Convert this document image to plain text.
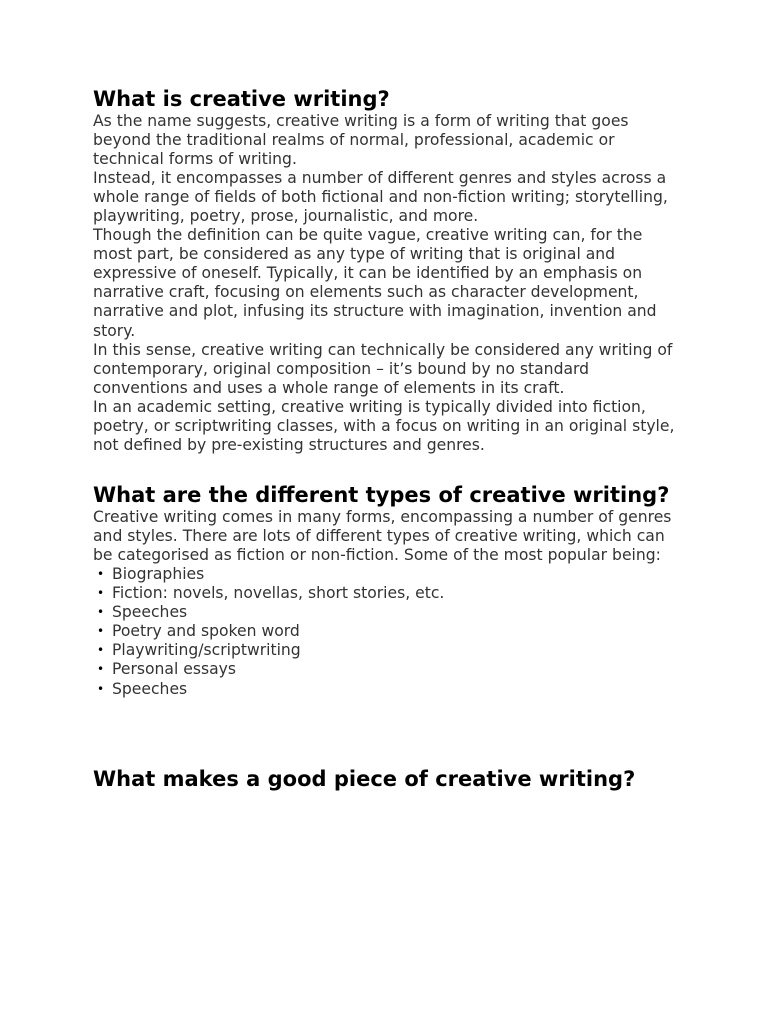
What is creative writing?

As the name suggests, creative writing is a form of writing that goes beyond the traditional realms of normal, professional, academic or technical forms of writing.

Instead, it encompasses a number of different genres and styles across a whole range of fields of both fictional and non-fiction writing; storytelling, playwriting, poetry, prose, journalistic, and more.

Though the definition can be quite vague, creative writing can, for the most part, be considered as any type of writing that is original and expressive of oneself. Typically, it can be identified by an emphasis on narrative craft, focusing on elements such as character development, narrative and plot, infusing its structure with imagination, invention and story.

In this sense, creative writing can technically be considered any writing of contemporary, original composition – it’s bound by no standard conventions and uses a whole range of elements in its craft.

In an academic setting, creative writing is typically divided into fiction, poetry, or scriptwriting classes, with a focus on writing in an original style, not defined by pre-existing structures and genres.

What are the different types of creative writing?

Creative writing comes in many forms, encompassing a number of genres and styles. There are lots of different types of creative writing, which can be categorised as fiction or non-fiction. Some of the most popular being:

• Biographies
• Fiction: novels, novellas, short stories, etc.
• Speeches
• Poetry and spoken word
• Playwriting/scriptwriting
• Personal essays
• Speeches
What makes a good piece of creative writing?
